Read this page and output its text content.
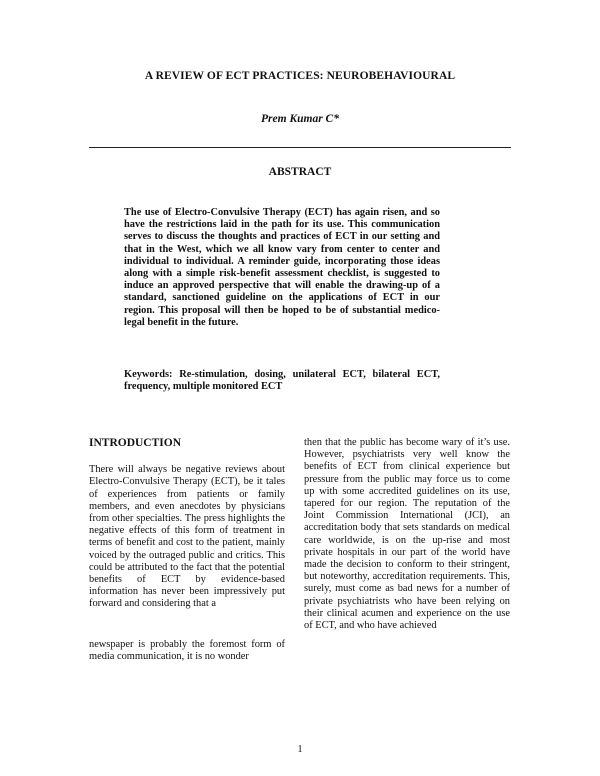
A REVIEW OF ECT PRACTICES: NEUROBEHAVIOURAL
Prem Kumar C*
ABSTRACT

The use of Electro-Convulsive Therapy (ECT) has again risen, and so have the restrictions laid in the path for its use. This communication serves to discuss the thoughts and practices of ECT in our setting and that in the West, which we all know vary from center to center and individual to individual. A reminder guide, incorporating those ideas along with a simple risk-benefit assessment checklist, is suggested to induce an approved perspective that will enable the drawing-up of a standard, sanctioned guideline on the applications of ECT in our region. This proposal will then be hoped to be of substantial medico-legal benefit in the future.

Keywords: Re-stimulation, dosing, unilateral ECT, bilateral ECT, frequency, multiple monitored ECT

INTRODUCTION

There will always be negative reviews about Electro-Convulsive Therapy (ECT), be it tales of experiences from patients or family members, and even anecdotes by physicians from other specialties. The press highlights the negative effects of this form of treatment in terms of benefit and cost to the patient, mainly voiced by the outraged public and critics. This could be attributed to the fact that the potential benefits of ECT by evidence-based information has never been impressively put forward and considering that a

newspaper is probably the foremost form of media communication, it is no wonder

then that the public has become wary of it’s use. However, psychiatrists very well know the benefits of ECT from clinical experience but pressure from the public may force us to come up with some accredited guidelines on its use, tapered for our region. The reputation of the Joint Commission International (JCI), an accreditation body that sets standards on medical care worldwide, is on the up-rise and most private hospitals in our part of the world have made the decision to conform to their stringent, but noteworthy, accreditation requirements. This, surely, must come as bad news for a number of private psychiatrists who have been relying on their clinical acumen and experience on the use of ECT, and who have achieved

1
